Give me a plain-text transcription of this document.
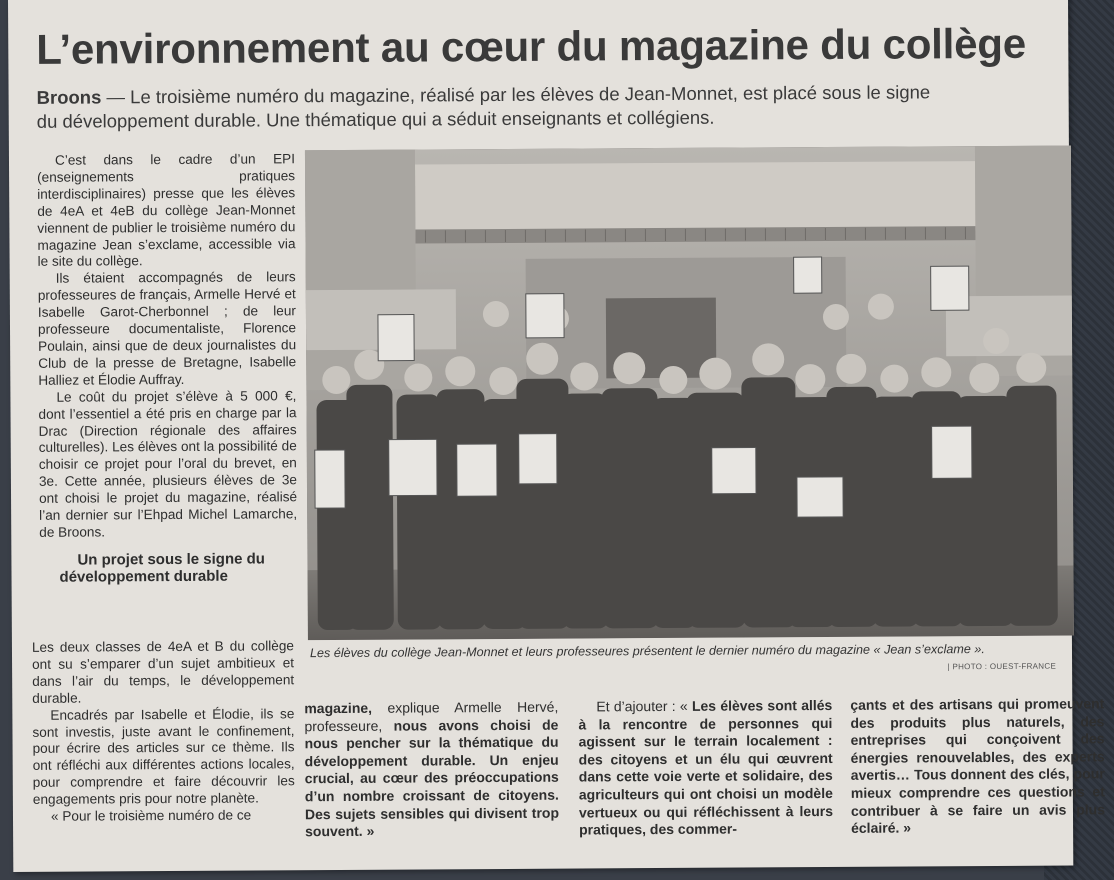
L’environnement au cœur du magazine du collège
Broons — Le troisième numéro du magazine, réalisé par les élèves de Jean-Monnet, est placé sous le signe du développement durable. Une thématique qui a séduit enseignants et collégiens.

C’est dans le cadre d’un EPI (enseignements pratiques interdisciplinaires) presse que les élèves de 4eA et 4eB du collège Jean-Monnet viennent de publier le troisième numéro du magazine Jean s’exclame, accessible via le site du collège.

Ils étaient accompagnés de leurs professeures de français, Armelle Hervé et Isabelle Garot-Cherbonnel ; de leur professeure documentaliste, Florence Poulain, ainsi que de deux journalistes du Club de la presse de Bretagne, Isabelle Halliez et Élodie Auffray.

Le coût du projet s’élève à 5 000 €, dont l’essentiel a été pris en charge par la Drac (Direction régionale des affaires culturelles). Les élèves ont la possibilité de choisir ce projet pour l’oral du brevet, en 3e. Cette année, plusieurs élèves de 3e ont choisi le projet du magazine, réalisé l’an dernier sur l’Ehpad Michel Lamarche, de Broons.

Un projet sous le signe du développement durable

Les deux classes de 4eA et B du collège ont su s’emparer d’un sujet ambitieux et dans l’air du temps, le développement durable.

Encadrés par Isabelle et Élodie, ils se sont investis, juste avant le confinement, pour écrire des articles sur ce thème. Ils ont réfléchi aux différentes actions locales, pour comprendre et faire découvrir les engagements pris pour notre planète.

« Pour le troisième numéro de ce

Les élèves du collège Jean-Monnet et leurs professeures présentent le dernier numéro du magazine « Jean s’exclame ».
| PHOTO : OUEST-FRANCE

magazine, explique Armelle Hervé, professeure, nous avons choisi de nous pencher sur la thématique du développement durable. Un enjeu crucial, au cœur des préoccupations d’un nombre croissant de citoyens. Des sujets sensibles qui divisent trop souvent. »

Et d’ajouter : « Les élèves sont allés à la rencontre de personnes qui agissent sur le terrain localement : des citoyens et un élu qui œuvrent dans cette voie verte et solidaire, des agriculteurs qui ont choisi un modèle vertueux ou qui réfléchissent à leurs pratiques, des commer-

çants et des artisans qui promeuvent des produits plus naturels, des entreprises qui conçoivent des énergies renouvelables, des experts avertis… Tous donnent des clés, pour mieux comprendre ces questions et contribuer à se faire un avis plus éclairé. »
